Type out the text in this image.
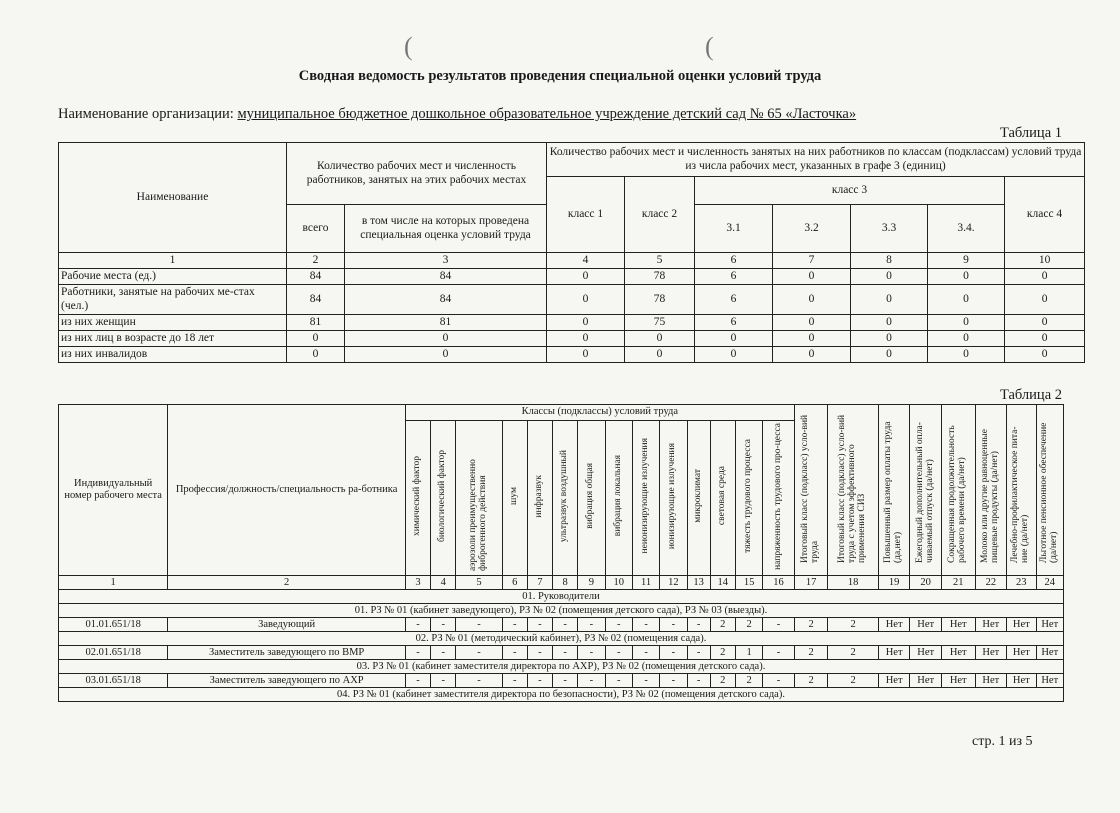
(	(
Сводная ведомость результатов проведения специальной оценки условий труда
Наименование организации: муниципальное бюджетное дошкольное образовательное учреждение детский сад № 65 «Ласточка»
Таблица 1
Наименование	Количество рабочих мест и численность работников, занятых на этих рабочих местах		Количество рабочих мест и численность занятых на них работников по классам (подклассам) условий труда из числа рабочих мест, указанных в графе 3 (единиц)						
			класс 1	класс 2	класс 3				класс 4
	всего	в том числе на которых проведена специальная оценка условий труда			3.1	3.2	3.3	3.4.	
1	2	3	4	5	6	7	8	9	10
Рабочие места (ед.)	84	84	0	78	6	0	0	0	0
Работники, занятые на рабочих ме-стах (чел.)	84	84	0	78	6	0	0	0	0
из них женщин	81	81	0	75	6	0	0	0	0
из них лиц в возрасте до 18 лет	0	0	0	0	0	0	0	0	0
из них инвалидов	0	0	0	0	0	0	0	0	0
Таблица 2
Индивидуальный номер рабочего места	Профессия/должность/специальность ра-ботника	Классы (подклассы) условий труда														Итоговый класс (подкласс) усло-вий труда	Итоговый класс (подкласс) усло-вий труда с учетом эффективного применения СИЗ	Повышенный размер оплаты труда (да,нет)	Ежегодный дополнительный опла-чиваемый отпуск (да/нет)	Сокращенная продолжительность рабочего времени (да/нет)	Молоко или другие равноценные пищевые продукты (да/нет)	Лечебно-профилактическое пита-ние (да/нет)	Льготное пенсионное обеспечение (да/нет)
		химический фактор	биологический фактор	аэрозоли преимущественно фиброгенного действия	шум	инфразвук	ультразвук воздушный	вибрация общая	вибрация локальная	неионизирующие излучения	ионизирующие излучения	микроклимат	световая среда	тяжесть трудового процесса	напряженность трудового про-цесса								
1	2	3	4	5	6	7	8	9	10	11	12	13	14	15	16	17	18	19	20	21	22	23	24
01. Руководители																							
01. РЗ № 01 (кабинет заведующего), РЗ № 02 (помещения детского сада), РЗ № 03 (выезды).																							
01.01.651/18	Заведующий	-	-	-	-	-	-	-	-	-	-	-	2	2	-	2	2	Нет	Нет	Нет	Нет	Нет	Нет
02. РЗ № 01 (методический кабинет), РЗ № 02 (помещения сада).																							
02.01.651/18	Заместитель заведующего по ВМР	-	-	-	-	-	-	-	-	-	-	-	2	1	-	2	2	Нет	Нет	Нет	Нет	Нет	Нет
03. РЗ № 01 (кабинет заместителя директора по АХР), РЗ № 02 (помещения детского сада).																							
03.01.651/18	Заместитель заведующего по АХР	-	-	-	-	-	-	-	-	-	-	-	2	2	-	2	2	Нет	Нет	Нет	Нет	Нет	Нет
04. РЗ № 01 (кабинет заместителя директора по безопасности), РЗ № 02 (помещения детского сада).																							
стр. 1 из 5
